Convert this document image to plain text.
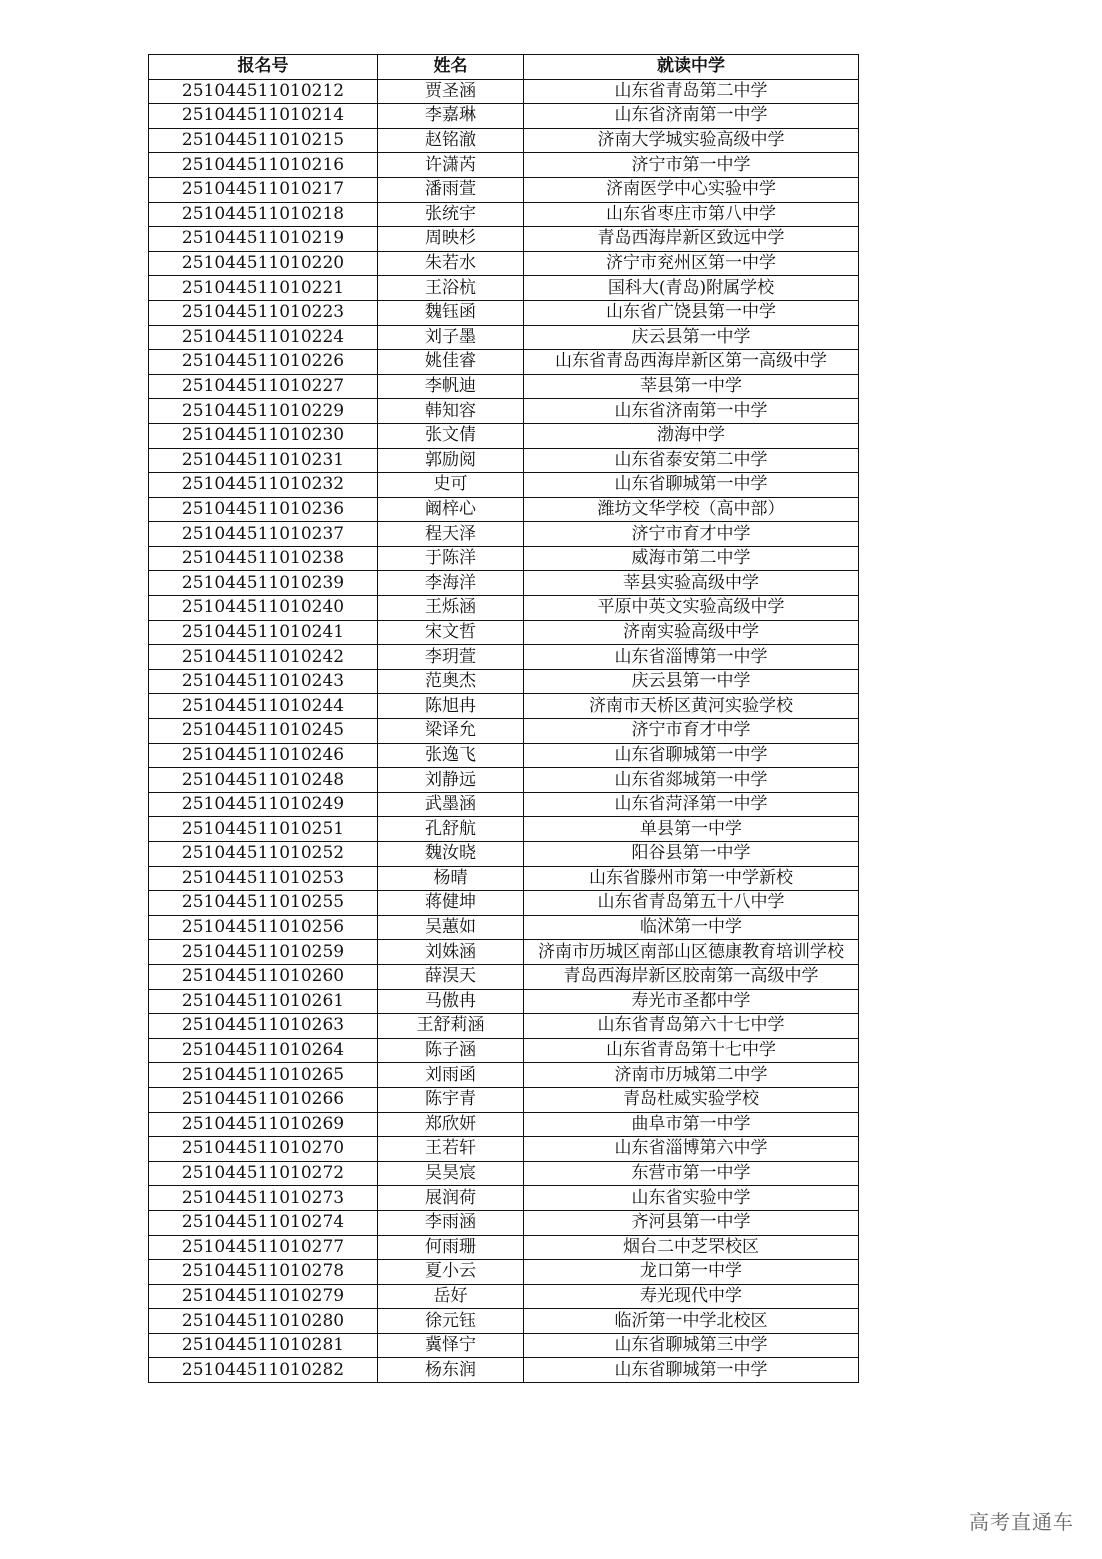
报名号	姓名	就读中学
251044511010212	贾圣涵	山东省青岛第二中学
251044511010214	李嘉琳	山东省济南第一中学
251044511010215	赵铭澈	济南大学城实验高级中学
251044511010216	许潇芮	济宁市第一中学
251044511010217	潘雨萱	济南医学中心实验中学
251044511010218	张统宇	山东省枣庄市第八中学
251044511010219	周映杉	青岛西海岸新区致远中学
251044511010220	朱若水	济宁市兖州区第一中学
251044511010221	王浴杭	国科大(青岛)附属学校
251044511010223	魏钰函	山东省广饶县第一中学
251044511010224	刘子墨	庆云县第一中学
251044511010226	姚佳睿	山东省青岛西海岸新区第一高级中学
251044511010227	李帆迪	莘县第一中学
251044511010229	韩知容	山东省济南第一中学
251044511010230	张文倩	渤海中学
251044511010231	郭励阅	山东省泰安第二中学
251044511010232	史可	山东省聊城第一中学
251044511010236	阚梓心	潍坊文华学校（高中部）
251044511010237	程天泽	济宁市育才中学
251044511010238	于陈洋	威海市第二中学
251044511010239	李海洋	莘县实验高级中学
251044511010240	王烁涵	平原中英文实验高级中学
251044511010241	宋文哲	济南实验高级中学
251044511010242	李玥萱	山东省淄博第一中学
251044511010243	范奥杰	庆云县第一中学
251044511010244	陈旭冉	济南市天桥区黄河实验学校
251044511010245	梁译允	济宁市育才中学
251044511010246	张逸飞	山东省聊城第一中学
251044511010248	刘静远	山东省郯城第一中学
251044511010249	武墨涵	山东省菏泽第一中学
251044511010251	孔舒航	单县第一中学
251044511010252	魏汝晓	阳谷县第一中学
251044511010253	杨晴	山东省滕州市第一中学新校
251044511010255	蒋健坤	山东省青岛第五十八中学
251044511010256	吴蕙如	临沭第一中学
251044511010259	刘姝涵	济南市历城区南部山区德康教育培训学校
251044511010260	薛淏天	青岛西海岸新区胶南第一高级中学
251044511010261	马傲冉	寿光市圣都中学
251044511010263	王舒莉涵	山东省青岛第六十七中学
251044511010264	陈子涵	山东省青岛第十七中学
251044511010265	刘雨函	济南市历城第二中学
251044511010266	陈宇青	青岛杜威实验学校
251044511010269	郑欣妍	曲阜市第一中学
251044511010270	王若轩	山东省淄博第六中学
251044511010272	吴昊宸	东营市第一中学
251044511010273	展润荷	山东省实验中学
251044511010274	李雨涵	齐河县第一中学
251044511010277	何雨珊	烟台二中芝罘校区
251044511010278	夏小云	龙口第一中学
251044511010279	岳好	寿光现代中学
251044511010280	徐元钰	临沂第一中学北校区
251044511010281	冀怿宁	山东省聊城第三中学
251044511010282	杨东润	山东省聊城第一中学
高考直通车
